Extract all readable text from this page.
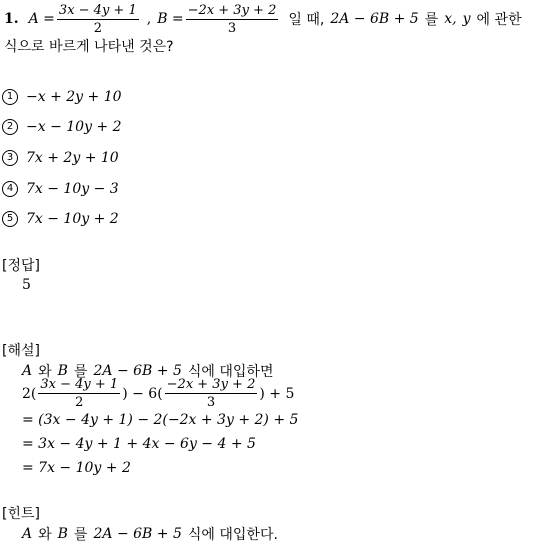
1. $A = \frac{3x - 4y + 1}{2}$ , $B = \frac{-2x + 3y + 2}{3}$ 일 때, 2A − 6B + 5 를 x, y 에 관한
식으로 바르게 나타낸 것은?
1 −x + 2y + 10
2 −x − 10y + 2
3 7x + 2y + 10
4 7x − 10y − 3
5 7x − 10y + 2
[정답]
5
[해설]
A 와 B 를 2A − 6B + 5 식에 대입하면
$2( \frac{3x - 4y + 1}{2}$ ) − $6( \frac{-2x + 3y + 2}{3}$ ) + 5
= (3x − 4y + 1) − 2(−2x + 3y + 2) + 5
= 3x − 4y + 1 + 4x − 6y − 4 + 5
= 7x − 10y + 2
[힌트]
A 와 B 를 2A − 6B + 5 식에 대입한다.
